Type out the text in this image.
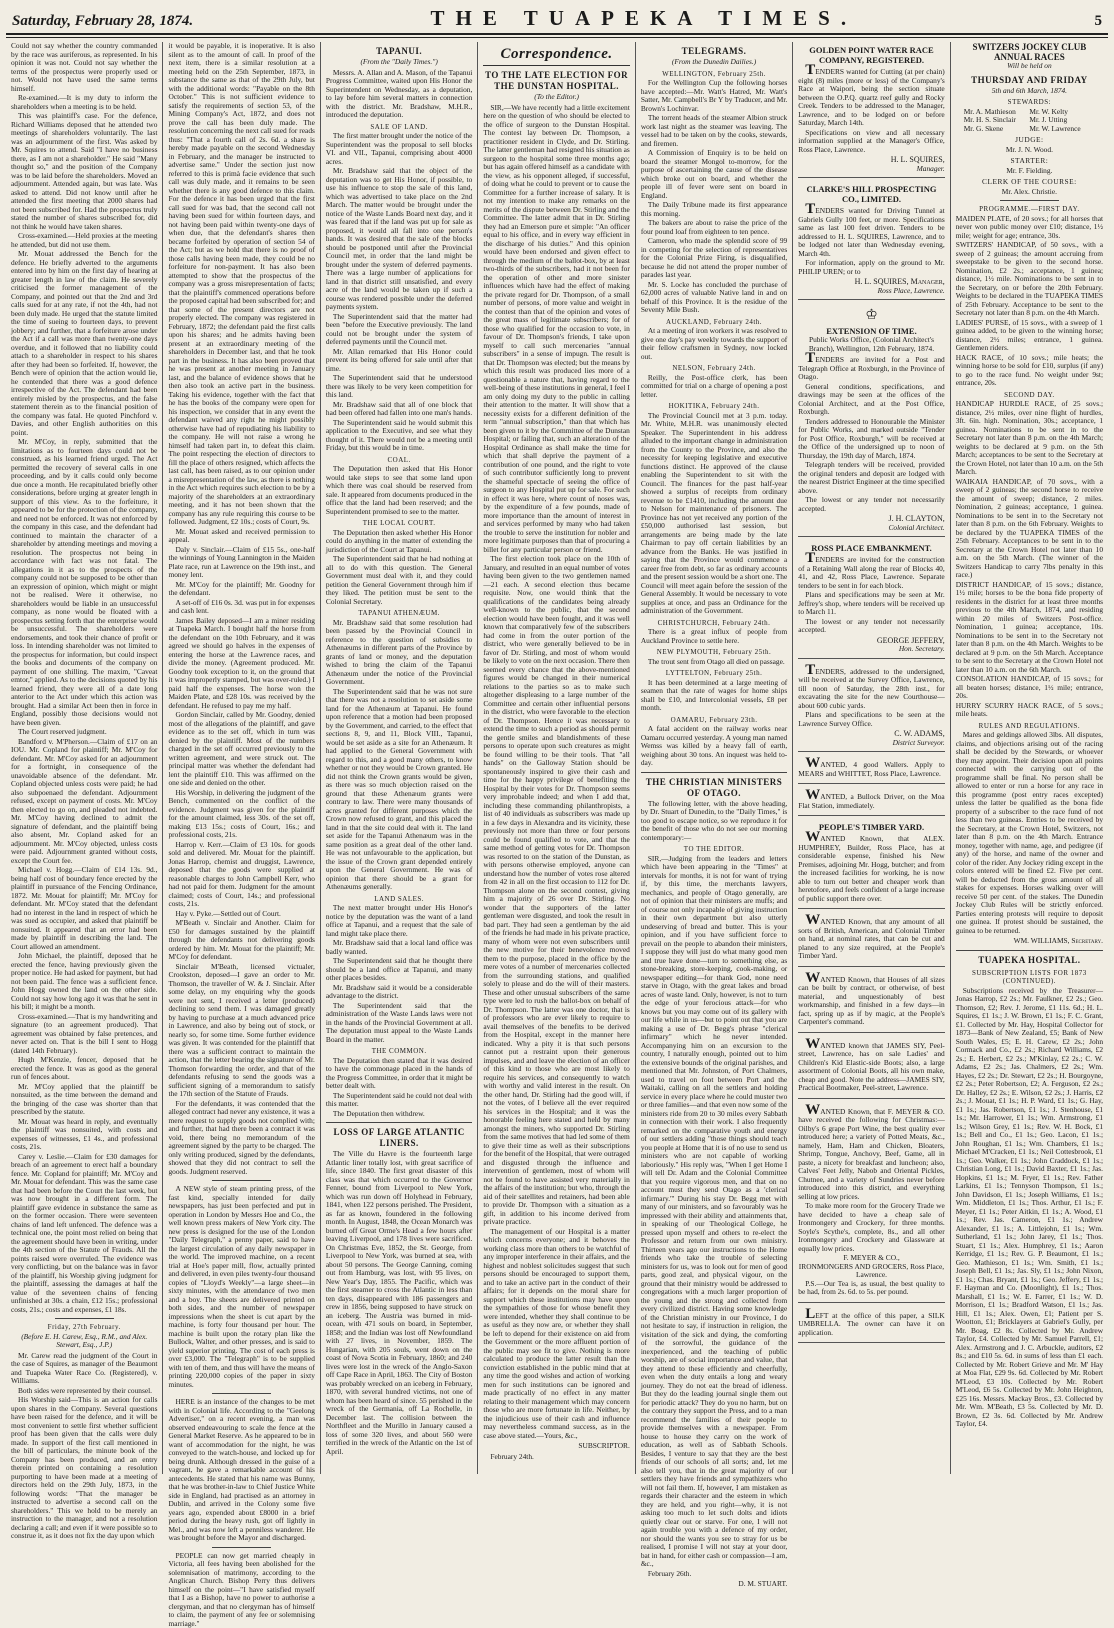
Saturday, February 28, 1874.	THE TUAPEKA TIMES.	5

Could not say whether the country commanded by the race was auriferous, as represented. In his opinion it was not. Could not say whether the terms of the prospectus were properly used or not. Would not have used the same terms himself.

Re-examined.—It is my duty to inform the shareholders when a meeting is to be held.

This was plaintiff's case. For the defence, Richard Williams deposed that he attended two meetings of shareholders voluntarily. The last was an adjournment of the first. Was asked by Mr. Squires to attend. Said "I have no business there, as I am not a shareholder." He said "Many thought so," and the position of the Company was to be laid before the shareholders. Moved an adjournment. Attended again, but was late. Was asked to attend. Did not know until after he attended the first meeting that 2000 shares had not been subscribed for. Had the prospectus truly stated the number of shares subscribed for, did not think he would have taken shares.

Cross-examined.—Held proxies at the meeting he attended, but did not use them.

Mr. Mouat addressed the Bench for the defence. He briefly adverted to the arguments entered into by him on the first day of hearing at greater length in law of the claim. He severely criticised the former management of the Company, and pointed out that the 2nd and 3rd calls sued for at any rate, if not the 4th, had not been duly made. He urged that the statute limited the time of sueing to fourteen days, to prevent jobbery; and further, that a forfeiture arose under the Act if a call was more than twenty-one days overdue, and it followed that no liability could attach to a shareholder in respect to his shares after they had been so forfeited. If, however, the Bench were of opinion that the action would lie, he contended that there was a good defence irrespective of the Act. The defendant had been entirely misled by the prospectus, and the false statement therein as to the financial position of the company was fatal. He quoted Pinchford v. Davies, and other English authorities on this point.

Mr. M'Coy, in reply, submitted that the limitations as to fourteen days could not be construed, as his learned friend urged. The Act permitted the recovery of several calls in one proceeding, and by it calls could only become due once a month. He recapitulated briefly other considerations, before urging at greater length in support of this view. As to the forfeiture, it appeared to be for the protection of the company, and need not be enforced. It was not enforced by the company in this case, and the defendant had continued to maintain the character of a shareholder by attending meetings and moving a resolution. The prospectus not being in accordance with fact was not fatal. The allegations in it as to the prospects of the company could not be supposed to be other than an expression of opinion, which might or might not be realised. Were it otherwise, no shareholders would be liable in an unsuccessful company, as none would be floated with a prospectus setting forth that the enterprise would be unsuccessful. The shareholders were endorsements, and took their chance of profit or loss. In intending shareholder was not limited to the prospectus for information, but could inspect the books and documents of the company on payment of one shilling. The maxim, "Caveat emtor," applied. As to the decisions quoted by his learned friend, they were all of a date long anterior to the Act under which this action was brought. Had a similar Act been then in force in England, possibly those decisions would not have been given.

The Court reserved judgment.

Bandford v. M'Pherson.—Claim of £17 on an IOU. Mr. Copland for plaintiff; Mr. M'Coy for defendant. Mr. M'Coy asked for an adjournment for a fortnight, in consequence of the unavoidable absence of the defendant. Mr. Copland objected unless costs were paid; he had also subpoenaed the defendant. Adjournment refused, except on payment of costs. Mr. M'Coy then elected to go on, and pleaded not indebted. Mr. M'Coy having declined to admit the signature of defendant, and the plaintiff being also absent, Mr. Copland asked for an adjournment. Mr. M'Coy objected, unless costs were paid. Adjournment granted without costs, except the Court fee.

Michael v. Hogg.—Claim of £14 13s. 9d., being half cost of boundary fence erected by the plaintiff in pursuance of the Fencing Ordinance, 1872. Mr. Mouat for plaintiff; Mr. M'Coy for defendant. Mr. M'Coy stated that the defendant had no interest in the land in respect of which he was sued as occupier, and asked that plaintiff be nonsuited. It appeared that an error had been made by plaintiff in describing the land. The Court allowed an amendment.

John Michael, the plaintiff, deposed that he erected the fence, having previously given the proper notice. He had asked for payment, but had not been paid. The fence was a sufficient fence. John Hogg owned the land on the other side. Could not say how long ago it was that he sent in his bill; it might be a month.

Cross-examined.—That is my handwriting and signature (to an agreement produced). That agreement was obtained by false pretences, and never acted on. That is the bill I sent to Hogg (dated 14th February).

Hugh M'Kenzie, fencer, deposed that he erected the fence. It was as good as the general run of fences about.

Mr. M'Coy applied that the plaintiff be nonsuited, as the time between the demand and the bringing of the case was shorter than that prescribed by the statute.

Mr. Mouat was heard in reply, and eventually the plaintiff was nonsuited, with costs and expenses of witnesses, £1 4s., and professional costs, 21s.

Carey v. Leslie.—Claim for £30 damages for breach of an agreement to erect half a boundary fence. Mr. Copland for plaintiff; Mr. M'Coy and Mr. Mouat for defendant. This was the same case that had been before the Court the last week, but was now brought in a different form. The plaintiff gave evidence in substance the same as on the former occasion. There were seventeen chains of land left unfenced. The defence was a technical one, the point most relied on being that the agreement should have been in writing, under the 4th section of the Statute of Frauds. All the points raised were overruled. The evidence was very conflicting, but on the balance was in favor of the plaintiff, his Worship giving judgment for the plaintiff, assessing the damages at half the value of the seventeen chains of fencing unfinished at 30s. a chain, £12 15s.; professional costs, 21s.; costs and expenses, £1 18s.

Friday, 27th February.
(Before E. H. Carew, Esq., R.M., and Alex. Stewart, Esq., J.P.)

Mr. Carew read the judgment of the Court in the case of Squires, as manager of the Beaumont and Tuapeka Water Race Co. (Registered), v. Williams.

Both sides were represented by their counsel.

His Worship said—This is an action for calls upon shares in the Company. Several questions have been raised for the defence, and it will be most convenient to settle first whether sufficient proof has been given that the calls were duly made. In support of the first call mentioned in the bill of particulars, the minute book of the Company has been produced, and an entry therein printed on containing a resolution purporting to have been made at a meeting of directors held on the 29th July, 1873, in the following words: "That the manager be instructed to advertise a second call on the shareholders." This we hold to be merely an instruction to the manager, and not a resolution declaring a call; and even if it were possible so to construe it, as it does not fix the day upon which

it would be payable, it is inoperative. It is also silent as to the amount of call. In proof of the next item, there is a similar resolution at a meeting held on the 25th September, 1873, in substance the same as that of the 29th July, but with the additional words: "Payable on the 8th October." This is not sufficient evidence to satisfy the requirements of section 53, of the Mining Company's Act, 1872, and does not prove the call has been duly made. The resolution concerning the next call sued for reads thus: "That a fourth call of 2s. 6d. a share is hereby made payable on the second Wednesday in February, and the manager be instructed to advertise same." Under the section just now referred to this is primà facie evidence that such call was duly made, and it remains to be seen whether there is any good defence to this claim. For the defence it has been urged that the first call sued for was bad, that the second call not having been sued for within fourteen days, and not having been paid within twenty-one days of when due, that the defendant's shares then became forfeited by operation of section 54 of the Act; but as we hold that there is no proof of those calls having been made, they could be no forfeiture for non-payment. It has also been attempted to show that the prospectus of the company was a gross misrepresentation of facts; that the plaintiff's commenced operations before the proposed capital had been subscribed for; and that some of the present directors are not properly elected. The company was registered in February, 1872; the defendant paid the first calls upon his shares; and he admits having been present at an extraordinary meeting of the shareholders in December last, and that he took part in the business. It has also been proved that he was present at another meeting in January last, and the balance of evidence shows that he then also took an active part in the business. Taking his evidence, together with the fact that he has the books of the company were open for his inspection, we consider that in any event the defendant waived any right he might possibly otherwise have had of repudiating his liability to the company. He will not raise a wrong he himself had taken part in, to defeat this claim. The point respecting the election of directors to fill the place of others resigned, which affects the last call, has been raised, as to our opinion under a misrepresentation of the law, as there is nothing in the Act which requires such election to be by a majority of the shareholders at an extraordinary meeting, and it has not been shown that the company has any rule requiring this course to be followed. Judgment, £2 10s.; costs of Court, 9s.

Mr. Mouat asked and received permission to appeal.

Daly v. Sinclair.—Claim of £15 5s., one-half the winnings of Young Lannington in the Maiden Plate race, run at Lawrence on the 19th inst., and money lent.

Mr. M'Coy for the plaintiff; Mr. Goodny for the defendant.

A set-off of £16 0s. 3d. was put in for expenses and cash lent.

James Bailey deposed—I am a miner residing at Tuapeka March. I bought half the horse from the defendant on the 10th February, and it was agreed we should go halves in the expenses of entering the horse at the Lawrence races, and divide the money. (Agreement produced. Mr. Goodny took exception to it, on the ground that it was improperly stamped, but was over-ruled.) I paid half the expenses. The horse won the Maiden Plate, and £28 10s. was received by the defendant. He refused to pay me my half.

Gordon Sinclair, called by Mr. Goodny, denied most of the allegations of the plaintiff, and gave evidence as to the set off, which in turn was denied by the plaintiff. Most of the numbers charged in the set off occurred previously to the written agreement, and were struck out. The principal matter was whether the defendant had lent the plaintiff £10. This was affirmed on the one side and denied on the other.

His Worship, in delivering the judgment of the Bench, commented on the conflict of the evidence. Judgment was given for the plaintiff for the amount claimed, less 30s. of the set off, making £13 15s.; costs of Court, 16s.; and professional costs, 21s.

Harrop v. Kerr.—Claim of £3 10s. for goods sold and delivered. Mr. Mouat for the plaintiff. Jonas Harrop, chemist and druggist, Lawrence, deposed that the goods were supplied at reasonable charges to John Campbell Kerr, who had not paid for them. Judgment for the amount claimed; costs of Court, 14s.; and professional costs, 21s.

Hay v. Pyke.—Settled out of Court.

M'Beath v. Sinclair and Another. Claim for £50 for damages sustained by the plaintiff through the defendants not delivering goods ordered by him. Mr. Mouat for the plaintiff; Mr. M'Coy for defendant.

Sinclair M'Beath, licensed victualer, Crookston, deposed—I gave an order to Mr. Thomson, the traveller of W. & J. Sinclair. After some delay, on my enquiring why the goods were not sent, I received a letter (produced) declining to send them. I was damaged greatly by having to purchase at a much advanced price in Lawrence, and also by being out of stock, or nearly so, for some time. Some further evidence was given. It was contended for the plaintiff that there was a sufficient contract to maintain the action, that the letter bearing the signature of Mr. Thomson forwarding the order, and that of the defendants refusing to send the goods was a sufficient signing of a memorandum to satisfy the 17th section of the Statute of Frauds.

For the defendants, it was contended that the alleged contract had never any existence, it was a mere request to supply goods not complied with; and further, that had there been a contract it was void, there being no memorandum of the agreement signed by the party to be charged. The only writing produced, signed by the defendants, showed that they did not contract to sell the goods. Judgment reserved.

A NEW style of steam printing press, of the fast kind, specially intended for daily newspapers, has just been perfected and put in operation in London by Messrs Hoe and Co., the well known press makers of New York city. The new press is designed for the use of the London "Daily Telegraph," a penny paper, said to have the largest circulation of any daily newspaper in the world. The improved machine, on a recent trial at Hoe's paper mill, flow, actually printed and delivered, in even piles twenty-four thousand copies of "Lloyd's Weekly"—a large sheet—in sixty minutes, with the attendance of two men and a boy. The sheets are delivered printed on both sides, and the number of newspaper impressions when the sheet is cut apart by the machine, is forty four thousand per hour. The machine is built upon the rotary plan like the Bullock, Walter, and other presses, and is said to yield superior printing. The cost of each press is over £3,000. The "Telegraph" is to be supplied with ten of them, and thus will have the means of printing 220,000 copies of the paper in sixty minutes.

HERE is an instance of the changes to be met with in Colonial life. According to the "Geelong Advertiser," on a recent evening, a man was observed endeavouring to scale the fence at the General Market Reserve. As he appeared to be in want of accommodation for the night, he was conveyed to the watch-house, and locked up for being drunk. Although dressed in the guise of a vagrant, he gave a remarkable account of his antecedents. He stated that his name was Bunny, that he was brother-in-law to Chief Justice White side in England, had practised as an attorney in Dublin, and arrived in the Colony some five years ago, expended about £8000 in a brief period during the heavy rush, got off lightly in Mel., and was now left a penniless wanderer. He was brought before the Mayor and discharged.

PEOPLE can now get married cheaply in Victoria, all fees having been abolished for the solemnisation of matrimony, according to the Anglican Church. Bishop Perry thus delivers himself on the point—"I have satisfied myself that I as a Bishop, have no power to authorise a clergyman, and that no clergyman has of himself to claim, the payment of any fee or solemnising marriage."

TAPANUI.
(From the "Daily Times.")

Messrs. A. Allan and A. Mason, of the Tapanui Progress Committee, waited upon His Honor the Superintendent on Wednesday, as a deputation, to lay before him several matters in connection with the district. Mr. Bradshaw, M.H.R., introduced the deputation.

SALE OF LAND.

The first matter brought under the notice of the Superintendent was the proposal to sell blocks VI. and VII., Tapanui, comprising about 4000 acres.

Mr. Bradshaw said that the object of the deputation was to get His Honor, if possible, to use his influence to stop the sale of this land, which was advertised to take place on the 2nd March. The matter would be brought under the notice of the Waste Lands Board next day, and it was feared that if the land was put up for sale as proposed, it would all fall into one person's hands. It was desired that the sale of the blocks should be postponed until after the Provincial Council met, in order that the land might be brought under the system of deferred payments. There was a large number of applications for land in that district still unsatisfied, and every acre of the land would be taken up if such a course was rendered possible under the deferred payments system.

The Superintendent said that the matter had been "before the Executive previously. The land could not be brought under the system of deferred payments until the Council met.

Mr. Allan remarked that His Honor could prevent its being offered for sale until after that time.

The Superintendent said that he understood there was likely to be very keen competition for this land.

Mr. Bradshaw said that all of one block that had been offered had fallen into one man's hands.

The Superintendent said he would submit this application to the Executive, and see what they thought of it. There would not be a meeting until Friday, but this would be in time.

COAL.

The Deputation then asked that His Honor would take steps to see that some land upon which there was coal should be reserved from sale. It appeared from documents produced in the office that the land had been reserved; and the Superintendent promised to see to the matter.

THE LOCAL COURT.

The Deputation then asked whether His Honor could do anything in the matter of extending the jurisdiction of the Court at Tapanui.

The Superintendent said that he had nothing at all to do with this question. The General Government must deal with it, and they could petition the General Government through him if they liked. The petition must be sent to the Colonial Secretary.

TAPANUI ATHENÆUM.

Mr. Bradshaw said that some resolution had been passed by the Provincial Council in reference to the question of subsidies to Athenæums in different parts of the Province by grants of land or money, and the deputation wished to bring the claim of the Tapanui Athenæum under the notice of the Provincial Government.

The Superintendent said that he was not sure that there was not a resolution to set aside some land for the Athenæum at Tapanui. He found upon reference that a motion had been proposed by the Government, and carried, to the effect that sections 8, 9, and 11, Block VIII., Tapanui, would be set aside as a site for an Athenæum. It had applied to the General Government with regard to this, and a good many others, to know whether or not they would be Crown granted. He did not think the Crown grants would be given, as there was so much objection raised on the ground that these Athenæum grants were contrary to law. There were many thousands of acres granted for different purposes which the Crown now refused to grant, and this placed the land in that the site could deal with it. The land set aside for the Tapanui Athenæum was in the same position as a great deal of the other land. He was not unfavourable to the application, but the issue of the Crown grant depended entirely upon the General Government. He was of opinion that there should be a grant for Athenæums generally.

LAND SALES.

The next matter brought under His Honor's notice by the deputation was the want of a land office at Tapanui, and a request that the sale of land might take place there.

Mr. Bradshaw said that a local land office was badly wanted.

The Superintendent said that he thought there should be a land office at Tapanui, and many other places besides.

Mr. Bradshaw said it would be a considerable advantage to the district.

The Superintendent said that the administration of the Waste Lands laws were not in the hands of the Provincial Government at all. The deputation must appeal to the Waste Lands Board in the matter.

THE COMMON.

The Deputation then stated that it was desired to have the commonage placed in the hands of the Progress Committee, in order that it might be better dealt with.

The Superintendent said he could not deal with this matter.

The Deputation then withdrew.

LOSS OF LARGE ATLANTIC LINERS.

The Ville du Havre is the fourteenth large Atlantic liner totally lost, with great sacrifice of life, since 1840. The first great disaster of this class was that which occurred to the Governor Fenner, bound from Liverpool to New York, which was run down off Holyhead in February, 1841, when 122 persons perished. The President, as far as known, foundered in the following month. In August, 1848, the Ocean Monarch was burned off Great Orme's Head a few hours after leaving Liverpool, and 178 lives were sacrificed. On Christmas Eve, 1852, the St. George, from Liverpool to New York, was burned at sea, with about 50 persons. The George Canning, coming out from Hamburg, was lost, with 95 lives, on New Year's Day, 1855. The Pacific, which was the first steamer to cross the Atlantic in less than ten days, disappeared with 186 passengers and crew in 1856, being supposed to have struck on an iceberg. The Austria was burned in mid-ocean, with 471 souls on board, in September, 1858; and the Indian was lost off Newfoundland with 27 lives, in November, 1859. The Hungarian, with 205 souls, went down on the coast of Nova Scotia in February, 1860; and 240 lives were lost in the wreck of the Anglo-Saxon off Cape Race in April, 1863. The City of Boston was probably wrecked on an iceberg in February, 1870, with several hundred victims, not one of whom has been heard of since. 55 perished in the wreck of the Germania, off La Rochelle, in December last. The collision between the Northfleet and the Murillo in January caused a loss of some 320 lives, and about 560 were terrified in the wreck of the Atlantic on the 1st of April.

Correspondence.
TO THE LATE ELECTION FOR THE DUNSTAN HOSPITAL.
(To the Editor.)

SIR,—We have recently had a little excitement here on the question of who should be elected to the office of surgeon to the Dunstan Hospital. The contest lay between Dr. Thompson, a practitioner resident in Clyde, and Dr. Stirling. The latter gentleman had resigned his situation as surgeon to the hospital some three months ago; but has again offered himself as a candidate with the view, as his opponent alleged, if successful, of doing what he could to prevent or to cause the Committee for a further increase of salary. It is not my intention to make any remarks on the merits of the dispute between Dr. Stirling and the Committee. The latter admit that in Dr. Stirling they had an Emerson pure et simple: "An officer equal to his office, and in every way efficient in the discharge of his duties." And this opinion would have been endorsed and given effect to through the medium of the ballot-box, by at least two-thirds of the subscribers, had it not been for the operation of other and more sinister influences which have had the effect of making the private regard for Dr. Thompson, of a small number of persons, of more value and weight in the contest than that of the opinion and votes of the great mass of legitimate subscribers; for of those who qualified for the occasion to vote, in favour of Dr. Thompson's friends, I take upon myself to call such mercenaries "annual subscribers" in a sense of impugn. The result is that Dr. Thompson was elected; but the means by which this result was produced lies more of a questionable a nature that, having regard to the well-being of these institutions in general, I feel I am only doing my duty to the public in calling their attention to the matter. It will show that a necessity exists for a different definition of the term "annual subscription," than that which has been given to it by the Committee of the Dunstan Hospital; or failing that, such an alteration of the Hospital Ordinance as shall make the time for which that shall deprive the payment of a contribution of one pound, and the right to vote of such contributor sufficiently long to prevent the shameful spectacle of seeing the office of surgeon to any Hospital put up for sale. For such in effect it was here, where count of noses was, by the expenditure of a few pounds, made of more importance than the amount of interest in and services performed by many who had taken the trouble to serve the institution for nobler and more legitimate purposes than that of procuring a billet for any particular person or friend.

The first election took place on the 10th of January, and resulted in an equal number of votes having been given to the two gentlemen named—21 each. A second election thus became requisite. Now, one would think that the qualifications of the candidates being already well-known to the public, that the second election would have been fought, and it was well known that comparatively few of the subscribers had come in from the outer portion of the district, who were generally believed to be in favor of Dr. Stirling, and most of whom would be likely to vote on the next occasion. There then seemed every chance that the above-mentioned figures would be changed in their numerical relations to the parties so as to make such altogether displeasing to a large number of the Committee and certain other influential persons in the district, who were favorable to the election of Dr. Thompson. Hence it was necessary to extend the time to such a period as should permit the gentle smiles and blandishments of these persons to operate upon such creatures as might be found willing to be their tools. That "all hands" on the Galloway Station should be spontaneously inspired to give their cash and time for the happy privilege of benefiting the Hospital by their votes for Dr. Thompson seems very improbable indeed; and when I add that, including these commanding philanthropists, a list of 40 individuals as subscribers was made up in a few days in Alexandra and its vicinity, these previously not more than three or four persons could be found qualified to vote, and that the same method of getting votes for Dr. Thompson was resorted to on the station of the Dunstan, as with persons otherwise employed, anyone can understand how the number of votes rose altered from 42 in all on the first occasion to 112 for Dr. Thompson alone on the second contest, giving him a majority of 26 over Dr. Stirling. No wonder that the supporters of the latter gentleman were disgusted, and took the result in bad part. They had seen a gentleman by the aid of the friends he had made in his private practice, many of whom were not even subscribers until the new motive for their benevolence moved them to the purpose, placed in the office by the mere votes of a number of mercenaries collected from the surrounding stations, and qualified solely to please and do the will of their masters. These and other unusual subscribers of the same type were led to rush the ballot-box on behalf of Dr. Thompson. The latter was one doctor, that is of professors who are ever likely to require to avail themselves of the benefits to be derived from the Hospital, except in the manner here indicated. Why a pity it is that such persons cannot put a restraint upon their generous impulses, and and leave the election of an officer of this kind to those who are most likely to require his services, and consequently to watch with worthy and valid interest in the result. On the other hand, Dr. Stirling had the good will, if not the votes, of I believe all the ever required his services in the Hospital; and it was the honorable feeling here stated and held by many amongst the miners, who supported Dr. Stirling from the same motives that had led some of them to give their time as well as their subscriptions for the benefit of the Hospital, that were outraged and disgusted through the influence and intervention of gentlemen, most of whom will not be found to have assisted very materially in the affairs of the institution; but who, through the aid of their satellites and retainers, had been able to provide Dr. Thompson with a situation as a gift, in addition to his income derived from private practice.

The management of our Hospital is a matter which concerns everyone; and it behoves the working class more than others to be watchful of any improper interference in their affairs, and the highest and noblest solicitudes suggest that such persons should be encouraged to support them, and to take an active part in the conduct of their affairs; for it depends on the moral share for support which these institutions may have upon the sympathies of those for whose benefit they were intended, whether they shall continue to be as useful as they now are, or whether they shall be left to depend for their existence on aid from the Government or the more affluent portion of the public may see fit to give. Nothing is more calculated to produce the latter result than the conviction established in the public mind that at any time the good wishes and action of working men for such institutions can be ignored and made practically of no effect in any matter relating to their management which may concern those who are more fortunate in life. Neither, by the injudicious use of their cash and influence may nevertheless command success, as in the case above stated.—Yours, &c.,

SUBSCRIPTOR.

February 24th.

TELEGRAMS.
(From the Dunedin Dailies.)
WELLINGTON, February 25th.

For the Wellington Cup the following horses have accepted:—Mr. Watt's Hatred, Mr. Watt's Satter, Mr. Campbell's Br Y by Traducer, and Mr. Brown's Lochinvar.

The torrent heads of the steamer Albion struck work last night as the steamer was leaving. The vessel had to be taken on by the cooks, stewards, and firemen.

A Commission of Enquiry is to be held on board the steamer Mongol to-morrow, for the purpose of ascertaining the cause of the disease which broke out on board, and whether the people ill of fever were sent on board in England.

The Daily Tribune made its first appearance this morning.

The bakers are about to raise the price of the four pound loaf from eighteen to ten pence.

Cameron, who made the splendid score of 99 in competing for the selection of representatives for the Colonial Prize Firing, is disqualified, because he did not attend the proper number of parades last year.

Mr. S. Locke has concluded the purchase of 62,000 acres of valuable Native land in and on behalf of this Province. It is the residue of the Seventy Mile Bush.

AUCKLAND, February 24th.

At a meeting of iron workers it was resolved to give one day's pay weekly towards the support of their fellow craftsmen in Sydney, now locked out.

NELSON, February 24th.

Reilly, the Post-office clerk, has been committed for trial on a charge of opening a post letter.

HOKITIKA, February 24th.

The Provincial Council met at 3 p.m. today. Mr. White, M.H.R. was unanimously elected Speaker. The Superintendent in his address alluded to the important change in administration from the County to the Province, and also the necessity for keeping legislative and executive functions distinct. He approved of the clause enabling the Superintendent to sit with the Council. The finances for the past half-year showed a surplus of receipts from ordinary revenue to be £1410, including the amount due to Nelson for maintenance of prisoners. The Province has not yet received any portion of the £50,000 authorised last session, but arrangements are being made by the late Chairman to pay off certain liabilities by an advance from the Banks. He was justified in saying that the Province would commence a career free from debt, so far as ordinary accounts and the present session would be a short one. The Council will meet again before the session of the General Assembly. It would be necessary to vote supplies at once, and pass an Ordinance for the administration of the Government.

CHRISTCHURCH, February 24th.

There is a great influx of people from Auckland Province to settle here.

NEW PLYMOUTH, February 25th.

The trout sent from Otago all died on passage.

LYTTELTON, February 25th.

It has been determined at a large meeting of seamen that the rate of wages for home ships shall be £10, and Intercolonial vessels, £8 per month.

OAMARU, February 23th.

A fatal accident on the railway works near Oamaru occurred yesterday. A young man named Wemss was killed by a heavy fall of earth, weighing about 30 tons. An inquest was held to-day.

THE CHRISTIAN MINISTERS OF OTAGO.

The following letter, with the above heading, by Dr. Stuart of Dunedin, to the "Daily Times," is too good to escape notice, so we reproduce it for the benefit of those who do not see our morning contemporary:—

TO THE EDITOR.

SIR,—Judging from the leaders and letters which have been appearing in the "Times" at intervals for months, it is not for want of trying if, by this time, the merchants lawyers, mechanics, and people of Otago generally, are not of opinion that their ministers are muffs; and of course not only incapable of giving instruction in their own department but also utterly undeserving of bread and butter. This is your opinion, and if you have sufficient force to prevail on the people to abandon their ministers, I suppose they will just do what many good men and true have done—turn to something else, as stone-breaking, store-keeping, cook-making, or newspaper editing—for thank God, none need starve in Otago, with the great lakes and broad acres of waste land. Only, however, is not to turn the edge of your ferocious attack—for who knows but you may come out of its gallery with our life while in us—but to point out that you are making a use of Dr. Begg's phrase "clerical infirmary" which he never intended. Accompanying him on an excursion to the country, I naturally enough, pointed out to him the extensive bounds of the original parishes, and mentioned that Mr. Johnston, of Port Chalmers, used to travel on foot between Port and the Waitaki, calling on all the settlers and holding service in every place where he could muster two or three families—and that even now some of the ministers ride from 20 to 30 miles every Sabbath in connection with their work. I also frequently remarked on the comparative youth and energy of our settlers adding "those things should teach you people at Home that it is of no use to send us ministers who are not capable of working laboriously." His reply was, "When I get Home I will tell Dr. Adam and the Colonial Committee that you require vigorous men, and that on no account must they send Otago as a 'clerical infirmary.'" During his stay Dr. Begg met with many of our ministers, and so favourably was he impressed with their ability and attainments that, in speaking of our Theological College, he pressed upon myself and others to re-elect the Professor and return from our own ministry. Thirteen years ago our instructions to the Home friends who take the trouble of selecting ministers for us, was to look out for men of good parts, good zeal, and physical vigour, on the ground that their ministry would be addressed to congregations with a much larger proportion of the young and the strong and collected from every civilized district. Having some knowledge of the Christian ministry in our Province, I do not hesitate to say, if instruction in religion, the visitation of the sick and dying, the comforting of the sorrowful, the guidance of the inexperienced, and the teaching of public worship, are of social importance and value, that they attend to these efficiently and cheerfully, even when the duty entails a long and weary journey. They do not eat the bread of idleness. But they do the leading journal single them out for periodic attack? They do you no harm, but on the contrary they support the Press, and to a man recommend the families of their people to provide themselves with a newspaper. From house to house they carry on the work of education, as well as of Sabbath Schools. Besides, I venture to say that they are the best friends of our schools of all sorts; and, let me also tell you, that in the great majority of our settlers they have friends and sympathizers who will not fail them. If, however, I am mistaken as regards their character and the esteem in which they are held, and you right—why, it is not asking too much to let such dolts and idiots quietly clear out or starve. For one, I will not again trouble you with a defence of my order, nor should the wants you see to stray for us be realised, I promise I will not stay at your door, bat in hand, for either cash or compassion—I am, &c.,

February 26th.

D. M. STUART.
GOLDEN POINT WATER RACE COMPANY, REGISTERED.

TENDERS wanted for Cutting (at per chain) eight (8) miles (more or less) of the Company's Race at Waipori, being the section situate between the O.P.Q. quartz reef gully and Rocky Creek. Tenders to be addressed to the Manager, Lawrence, and to be lodged on or before Saturday, March 14th.

Specifications on view and all necessary information supplied at the Manager's Office, Ross Place, Lawrence.

H. L. SQUIRES,
Manager.
CLARKE'S HILL PROSPECTING CO., LIMITED.

TENDERS wanted for Driving Tunnel at Gabriels Gully 100 feet, or more. Specifications same as last 100 feet driven. Tenders to be addressed to H. L. SQUIRES, Lawrence, and to be lodged not later than Wednesday evening, March 4th.

For information, apply on the ground to Mr. PHILIP UREN; or to

H. L. SQUIRES, Manager,
Ross Place, Lawrence.
♔
EXTENSION OF TIME.
Public Works Office, (Colonial Architect's Branch), Wellington, 12th February, 1874.

TENDERS are invited for a Post and Telegraph Office at Roxburgh, in the Province of Otago.

General conditions, specifications, and drawings may be seen at the offices of the Colonial Architect, and at the Post Office, Roxburgh.

Tenders addressed to Honourable the Minister for Public Works, and marked outside "Tender for Post Office, Roxburgh," will be received at the Office of the undersigned up to noon of Thursday, the 19th day of March, 1874.

Telegraph tenders will be received, provided the original tenders and deposit are lodged with the nearest District Engineer at the time specified above.

The lowest or any tender not necessarily accepted.

J. H. CLAYTON,
Colonial Architect.
ROSS PLACE EMBANKMENT.

TENDERS are invited for the construction of a Retaining Wall along the rear of Blocks 40, 41, and 42, Ross Place, Lawrence. Separate tenders to be sent in for each block.

Plans and specifications may be seen at Mr. Jeffrey's shop, where tenders will be received up to March 11.

The lowest or any tender not necessarily accepted.

GEORGE JEFFERY,
Hon. Secretary.

TENDERS, addressed to the undersigned, will be received at the Survey Office, Lawrence, till noon of Saturday, the 28th inst., for excavating the site for the new Courthouse—about 600 cubic yards.

Plans and specifications to be seen at the Lawrence Survey Office.

C. W. ADAMS,
District Surveyor.

WANTED, 4 good Wallers. Apply to MEARS and WHITTET, Ross Place, Lawrence.

WANTED, a Bullock Driver, on the Moa Flat Station, immediately.

PEOPLE'S TIMBER YARD.

WANTED Known, that ALEX. HUMPHREY, Builder, Ross Place, has at considerable expense, finished his New Premises, adjoining Mr. Hogg, butcher; and from the increased facilities for working, he is now able to turn out better and cheaper work than heretofore, and feels confident of a large increase of public support there over.

WANTED Known, that any amount of all sorts of British, American, and Colonial Timber on hand, at nominal rates, that can be cut and planed to any size required, at the People's Timber Yard.

WANTED Known, that Houses of all sizes can be built by contract, or otherwise, of best material, and unquestionably of best workmanship, and finished in a few days—in fact, spring up as if by magic, at the People's Carpenter's command.

WANTED known that JAMES SIY, Peel-street, Lawrence, has on sale Ladies' and Children's Kid Elastic-side Boots; also, a large assortment of Colonial Boots, all his own make, cheap and good. Note the address—JAMES SIY, Practical Bootmaker, Peel-street, Lawrence.

WANTED Known, that F. MEYER & CO. have received the following for Christmas:—Oilby's 6 grape Port Wine, the best quality ever introduced here; a variety of Potted Meats, &c., namely, Ham, Ham and Chicken, Bloaters, Shrimp, Tongue, Anchovy, Beef, Game, all in paste, a nicety for breakfast and luncheon; also, Calves' Feet Jelly, Nabob and Oriental Pickles, Chutnee, and a variety of Sundries never before introduced into this district, and everything selling at low prices.

To make more room for the Grocery Trade we have decided to have a cheap sale of Ironmongery and Crockery, for three months. Soyle's Scythe's, complete, 8s., and all other Ironmongery and Crockery and Glassware at equally low prices.

F. MEYER & CO.,
IRONMONGERS AND GROCERS, Ross Place, Lawrence.

P.S.—Our Tea is, as usual, the best quality to be had, from 2s. 6d. to 5s. per pound.

LEFT at the office of this paper, a SILK UMBRELLA. The owner can have it on application.

SWITZERS JOCKEY CLUB ANNUAL RACES
Will be held on
THURSDAY AND FRIDAY
5th and 6th March, 1874.
STEWARDS:
Mr. A. Mathieson	Mr. W. Kelty
Mr. H. S. Sinclair	Mr. J. Utting
Mr. G. Skene	Mr. W. Lawrence
JUDGE:
Mr. J. N. Wood.
STARTER:
Mr. F. Fielding.
CLERK OF THE COURSE:
Mr. Alex. Christie.
PROGRAMME.—FIRST DAY.

MAIDEN PLATE, of 20 sovs.; for all horses that never won public money over £10; distance, 1½ mile; weight for age; entrance, 30s.

SWITZERS' HANDICAP, of 50 sovs., with a sweep of 2 guineas; the amount accruing from sweepstake to be given to the second horse. Nomination, £2 2s.; acceptance, 1 guinea; distance, 1½ mile. Nominations to be sent in to the Secretary, on or before the 20th February. Weights to be declared in the TUAPEKA TIMES of 25th February. Acceptance to be sent to the Secretary not later than 8 p.m. on the 4th March.

LADIES' PURSE, of 15 sovs., with a sweep of 1 guinea added, to be given to the winning horse; distance, 2½ miles; entrance, 1 guinea. Gentlemen riders.

HACK RACE, of 10 sovs.; mile heats; the winning horse to be sold for £10, surplus (if any) to go to the race fund. No weight under 9st; entrance, 20s.

SECOND DAY.

HANDICAP HURDLE RACE, of 25 sovs.; distance, 2½ miles, over nine flight of hurdles, 3ft. 6in. high. Nomination, 30s.; acceptance, 1 guinea. Nominations to be sent in to the Secretary not later than 8 p.m. on the 4th March; weights to be declared at 9 p.m. on the 5th March; acceptances to be sent to the Secretary at the Crown Hotel, not later than 10 a.m. on the 5th March.

WAIKAIA HANDICAP, of 70 sovs., with a sweep of 2 guineas; the second horse to receive the amount of sweep; distance, 2 miles. Nomination, 2 guineas; acceptance, 1 guinea. Nominations to be sent in to the Secretary not later than 8 p.m. on the 6th February. Weights to be declared by the TUAPEKA TIMES of the 25th February. Acceptances to be sent in to the Secretary at the Crown Hotel not later than 10 a.m. on the 5th March. (The winner of the Switzers Handicap to carry 7lbs penalty in this race.)

DISTRICT HANDICAP, of 15 sovs.; distance, 1½ mile; horses to be the bona fide property of residents in the district for at least three months previous to the 4th March, 1874, and residing within 20 miles of Switzers Post-office. Nomination, 1 guinea; acceptance, 10s. Nominations to be sent in to the Secretary not later than 8 p.m. on the 4th March. Weights to be declared at 9 p.m. on the 5th March. Acceptance to be sent to the Secretary at the Crown Hotel not later than 10 a.m. on the 6th March.

CONSOLATION HANDICAP, of 15 sovs.; for all beaten horses; distance, 1½ mile; entrance, 20s.

HURRY SCURRY HACK RACE, of 5 sovs.; mile heats.

RULES AND REGULATIONS.

Mares and geldings allowed 3lbs. All disputes, claims, and objections arising out of the racing shall be decided by the Stewards, or whoever they may appoint. Their decision upon all points connected with the carrying out of the programme shall be final. No person shall be allowed to enter or run a horse for any race in this programme (post entry races excepted) unless the latter be qualified as the bona fide property of a subscriber to the race fund of not less than two guineas. Entries to be received by the Secretary, at the Crown Hotel, Switzers, not later than 8 p.m. on the 4th March. Entrance money, together with name, age, and pedigree (if any) of the horse, and name of the owner and color of the rider. Any Jockey riding except in the colors entered will be fined £2. Five per cent. will be deducted from the gross amount of all stakes for expenses. Horses walking over will receive 50 per cent. of the stakes. The Dunedin Jockey Club Rules will be strictly enforced. Parties entering protests will require to deposit one guinea. If protest should be sustained, the guinea to be returned.

WM. WILLIAMS, Secretary.
TUAPEKA HOSPITAL.
SUBSCRIPTION LISTS FOR 1873 (CONTINUED).

Subscriptions received by the Treasurer—Jonas Harrop, £2 2s.; Mr. Faulkner, £2 2s.; Geo. Thomson, £2; Rev. J. Jerome, £1 11s. 6d.; H. L. Squires, £1 1s.; J. W. Brown, £1 1s.; F. C. Grant, £1. Collected by Mr. Hay, Hospital Collector for 1873—Bank of New Zealand, £5; Bank of New South Wales, £5; E. H. Carew, £2 2s.; John Cormack and Co., £2 2s.; Richard Williams, £2 2s.; E. Herbert, £2 2s.; M'Kinlay, £2 2s.; C. W. Adams, £2 2s.; Jas. Chalmers, £2 2s.; Wm. Hayes, £2 2s.; Dr. Stewart, £2 2s.; H. Bourgoyne, £2 2s.; Peter Robertson, £2; A. Ferguson, £2 2s.; Dr. Halley, £2 2s.; E. Wilson, £2 2s.; J. Harris, £2 2s.; J. Mouat, £1 1s.; H. P. Ward, £1 1s.; G. Hay, £1 1s.; Jas. Robertson, £1 1s.; J. Stenhouse, £1 1s.; Mr. Harrower, £1 1s.; Wm. Armstrong, £1 1s.; Wilson Grey, £1 1s.; Rev. W. H. Bock, £1 1s.; Bell and Co., £1 1s.; Geo. Lacon, £1 1s.; John Roughan, £1 1s.; Wm. Chambers, £1 1s.; Michael M'Cracken, £1 1s.; Neil Cottesbrook, £1 1s.; Geo. Walker, £1 1s.; John Craddock, £1 1s.; Christian Long, £1 1s.; David Baxter, £1 1s.; Jas. Hopkins, £1 1s.; M. Fryer, £1 1s.; Rev. Father Larkins, £1 1s.; Tennyson Thompson, £1 1s.; John Davidson, £1 1s.; Joseph Williams, £1 1s.; Wm. Middleton, £1 1s.; Thos. Arthur, £1 1s.; F. Meyer, £1 1s.; Peter Aitkin, £1 1s.; A. Wood, £1 1s.; Rev. Jas. Cameron, £1 1s.; Andrew Alexander, £1 1s.; A. Littlejohn, £1 1s.; Wm. Sutherland, £1 1s.; John Jarey, £1 1s.; Thos. Stuart, £1 1s.; Alex. Humphrey, £1 1s.; Aaron Kerridge, £1 1s.; Rev. G. P. Beaumont, £1 1s.; Geo. Mathieson, £1 1s.; Wm. Smith, £1 1s.; Joseph Bell, £1 1s.; Jas. Sly, £1 1s.; John Nixon, £1 1s.; Chas. Bryant, £1 1s.; Geo. Jeffery, £1 1s.; F. Hayman and Co. (Moonlight), £1 1s.; Thos. Marshall, £1 1s.; W. E. Farrer, £1 1s.; W. D. Morrison, £1 1s.; Bradford Watson, £1 1s.; Jas. Hill, £1 1s.; Alex. Owen, £1; Patient per S. Wootton, £1; Bricklayers at Gabriel's Gully, per Mr. Boag, £2 8s. Collected by Mr. Andrew Taylor, £4. Collected by Mr. Samuel Parrell, £1; Alex. Armstrong and J. C. Arbuckle, auditors, £2 8s.; and £10 5s. 6d. in sums of less than £1 each. Collected by Mr. Robert Grieve and Mr. M' Hay at Moa Flat, £29 9s. 6d. Collected by Mr. Robert M'Leod, £3 10s. Collected by Mr. Robert M'Leod, £6 5s. Collected by Mr. John Heighton, £25 16s. Messrs. Mackay Bros., £3. Collected by Mr. Wm. M'Beath, £3 5s. Collected by Mr. D. Brown, £2 3s. 6d. Collected by Mr. Andrew Taylor, £4.
